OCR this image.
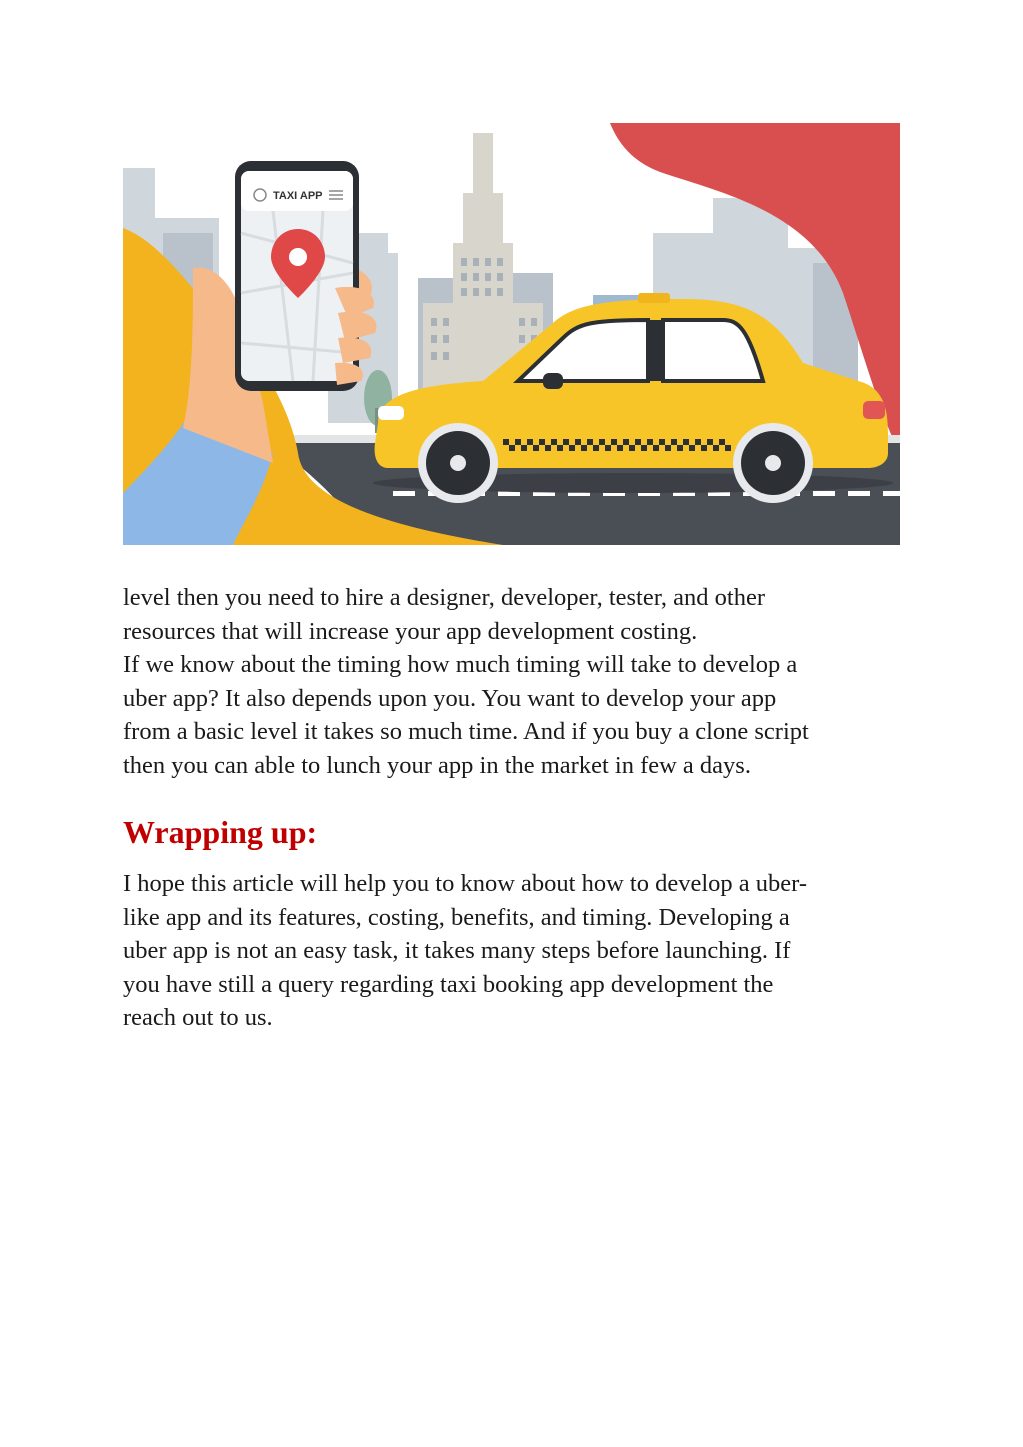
TAXI APP

level then you need to hire a designer, developer, tester, and other
resources that will increase your app development costing.
If we know about the timing how much timing will take to develop a
uber app? It also depends upon you. You want to develop your app
from a basic level it takes so much time. And if you buy a clone script
then you can able to lunch your app in the market in few a days.

Wrapping up:

I hope this article will help you to know about how to develop a uber-
like app and its features, costing, benefits, and timing. Developing a
uber app is not an easy task, it takes many steps before launching. If
you have still a query regarding taxi booking app development the
reach out to us.
